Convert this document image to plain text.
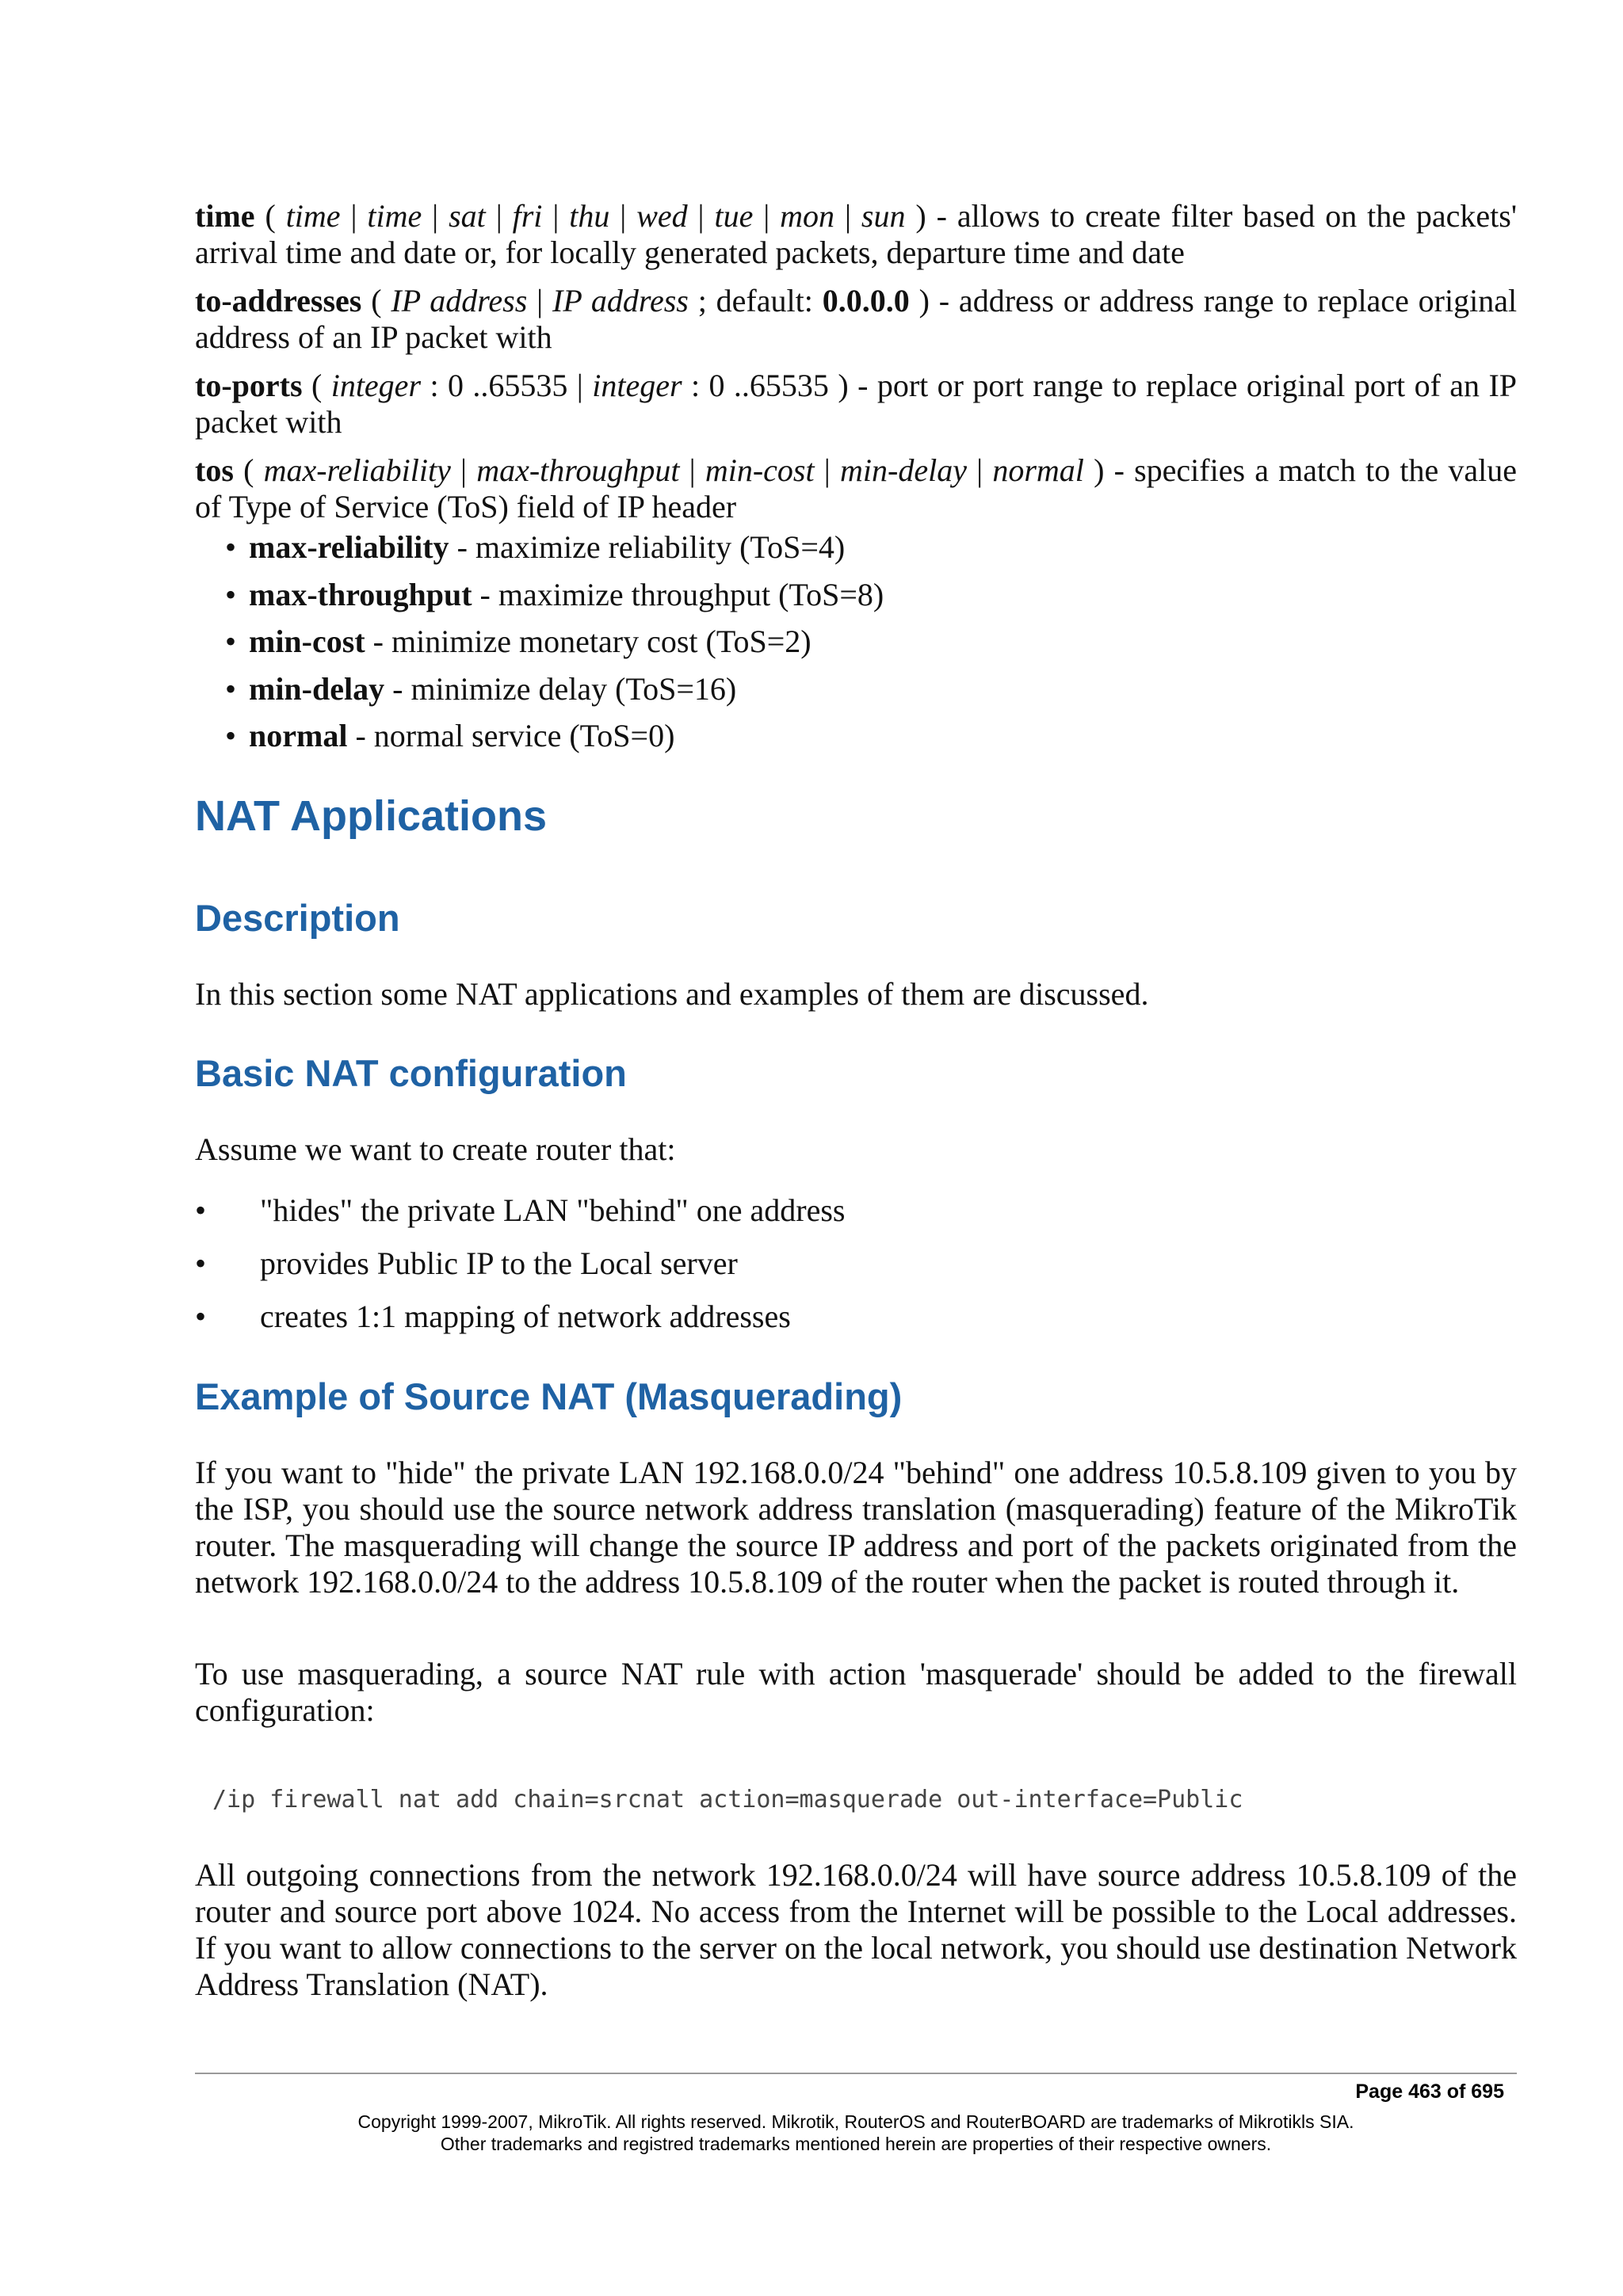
time ( time | time | sat | fri | thu | wed | tue | mon | sun ) - allows to create filter based on the packets' arrival time and date or, for locally generated packets, departure time and date

to-addresses ( IP address | IP address ; default: 0.0.0.0 ) - address or address range to replace original address of an IP packet with

to-ports ( integer : 0 ..65535 | integer : 0 ..65535 ) - port or port range to replace original port of an IP packet with

tos ( max-reliability | max-throughput | min-cost | min-delay | normal ) - specifies a match to the value of Type of Service (ToS) field of IP header

• max-reliability - maximize reliability (ToS=4)
• max-throughput - maximize throughput (ToS=8)
• min-cost - minimize monetary cost (ToS=2)
• min-delay - minimize delay (ToS=16)
• normal - normal service (ToS=0)
NAT Applications
Description

In this section some NAT applications and examples of them are discussed.

Basic NAT configuration

Assume we want to create router that:

• "hides" the private LAN "behind" one address
• provides Public IP to the Local server
• creates 1:1 mapping of network addresses
Example of Source NAT (Masquerading)

If you want to "hide" the private LAN 192.168.0.0/24 "behind" one address 10.5.8.109 given to you by the ISP, you should use the source network address translation (masquerading) feature of the MikroTik router. The masquerading will change the source IP address and port of the packets originated from the network 192.168.0.0/24 to the address 10.5.8.109 of the router when the packet is routed through it.

To use masquerading, a source NAT rule with action 'masquerade' should be added to the firewall configuration:

/ip firewall nat add chain=srcnat action=masquerade out-interface=Public

All outgoing connections from the network 192.168.0.0/24 will have source address 10.5.8.109 of the router and source port above 1024. No access from the Internet will be possible to the Local addresses. If you want to allow connections to the server on the local network, you should use destination Network Address Translation (NAT).

Page 463 of 695
Copyright 1999-2007, MikroTik. All rights reserved. Mikrotik, RouterOS and RouterBOARD are trademarks of Mikrotikls SIA.
Other trademarks and registred trademarks mentioned herein are properties of their respective owners.
